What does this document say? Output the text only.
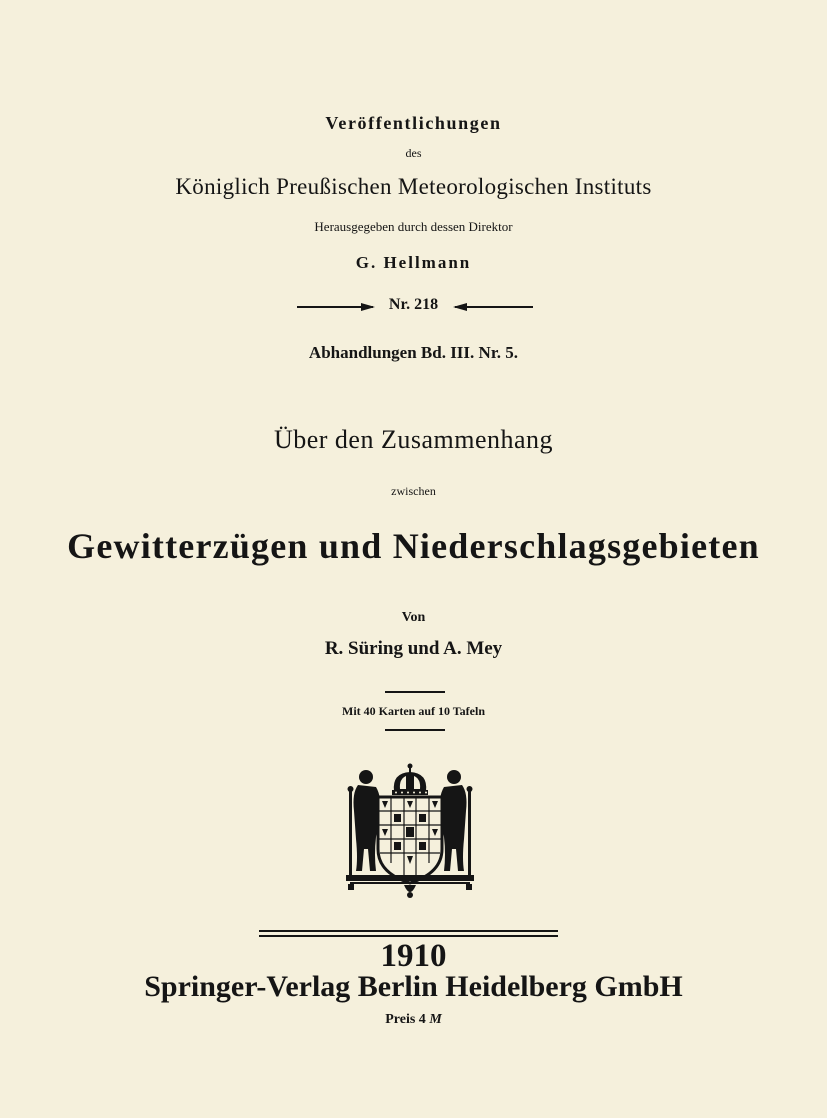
Veröffentlichungen
des
Königlich Preußischen Meteorologischen Instituts
Herausgegeben durch dessen Direktor
G. Hellmann
Nr. 218
Abhandlungen Bd. III. Nr. 5.
Über den Zusammenhang
zwischen
Gewitterzügen und Niederschlagsgebieten
Von
R. Süring und A. Mey
Mit 40 Karten auf 10 Tafeln
1910
Springer-Verlag Berlin Heidelberg GmbH
Preis 4 M
